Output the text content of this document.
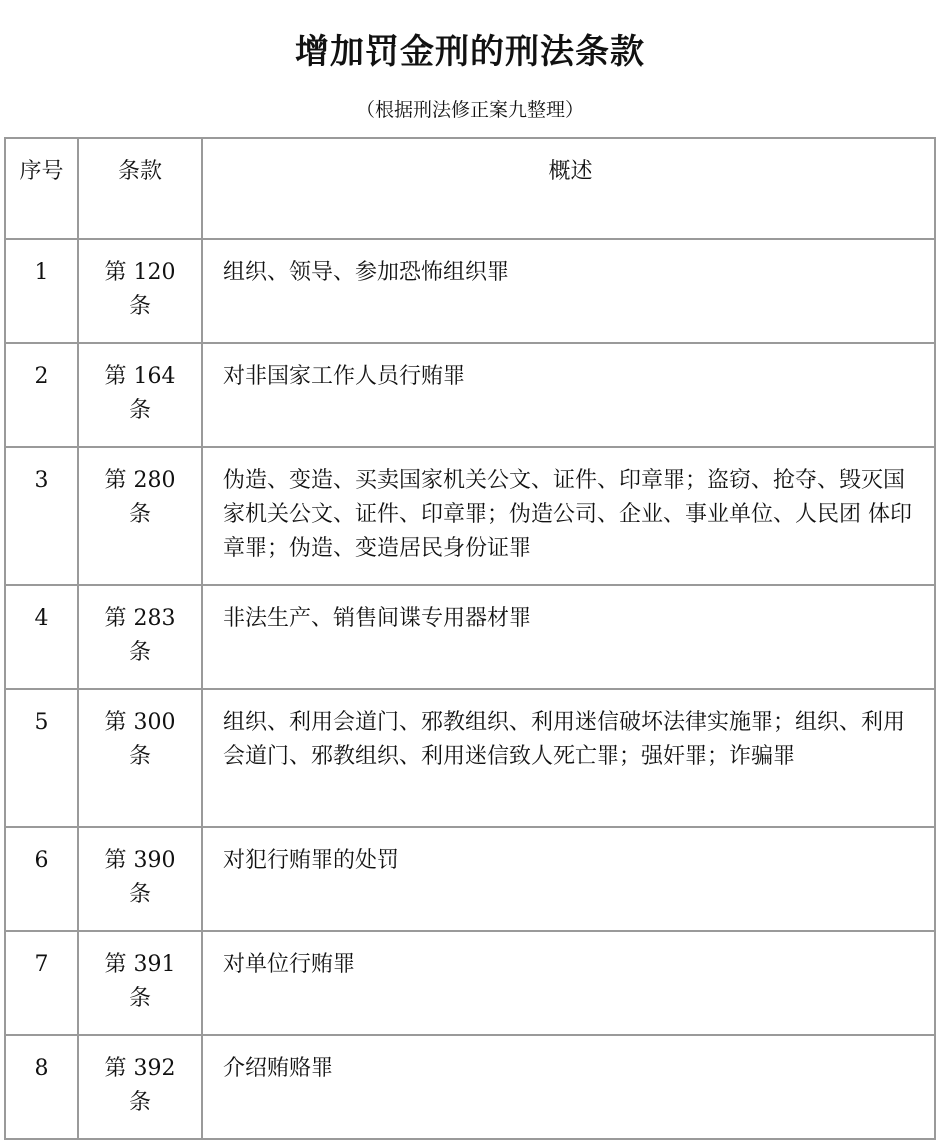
增加罚金刑的刑法条款
（根据刑法修正案九整理）
序号	条款	概述
1	第 120 条	组织、领导、参加恐怖组织罪
2	第 164 条	对非国家工作人员行贿罪
3	第 280 条	伪造、变造、买卖国家机关公文、证件、印章罪；盗窃、抢夺、毁灭国家机关公文、证件、印章罪；伪造公司、企业、事业单位、人民团 体印章罪；伪造、变造居民身份证罪
4	第 283 条	非法生产、销售间谍专用器材罪
5	第 300 条	组织、利用会道门、邪教组织、利用迷信破坏法律实施罪；组织、利用会道门、邪教组织、利用迷信致人死亡罪；强奸罪；诈骗罪
6	第 390 条	对犯行贿罪的处罚
7	第 391 条	对单位行贿罪
8	第 392 条	介绍贿赂罪
